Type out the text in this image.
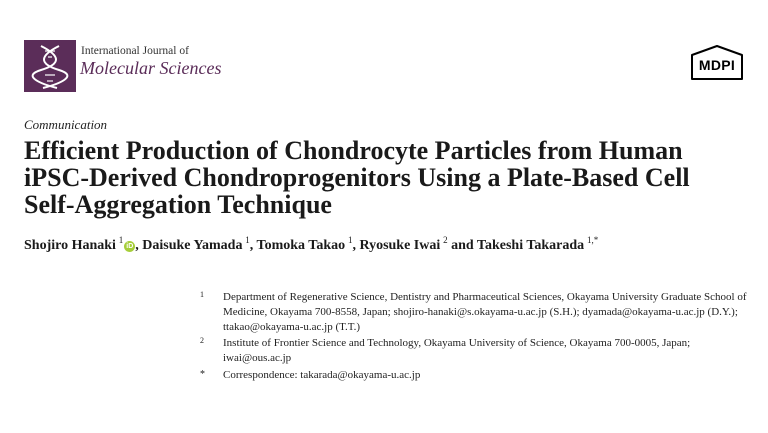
International Journal of
Molecular Sciences	MDPI
Communication
Efficient Production of Chondrocyte Particles from Human iPSC-Derived Chondroprogenitors Using a Plate-Based Cell Self-Aggregation Technique
Shojiro Hanaki  $^1$iD , Daisuke Yamada  $^1$, Tomoka Takao  $^1$, Ryosuke Iwai  $^2$ and Takeshi Takarada  $^{1,*}$
1 Department of Regenerative Science, Dentistry and Pharmaceutical Sciences, Okayama University Graduate School of Medicine, Okayama 700-8558, Japan; shojiro-hanaki@s.okayama-u.ac.jp (S.H.); dyamada@okayama-u.ac.jp (D.Y.); ttakao@okayama-u.ac.jp (T.T.)
2 Institute of Frontier Science and Technology, Okayama University of Science, Okayama 700-0005, Japan; iwai@ous.ac.jp
* Correspondence: takarada@okayama-u.ac.jp
